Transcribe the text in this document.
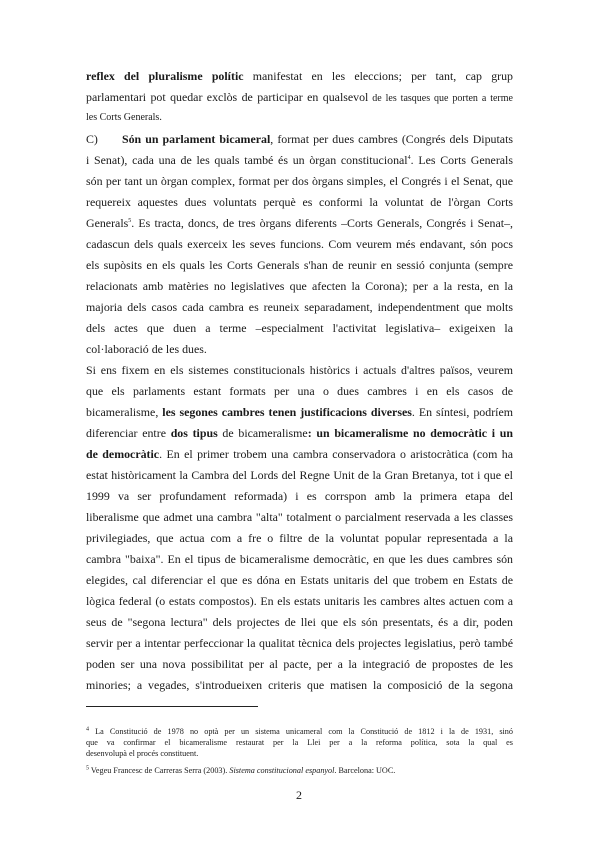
reflex del pluralisme polític manifestat en les eleccions; per tant, cap grup
parlamentari pot quedar exclòs de participar en qualsevol de les tasques que porten a terme
les Corts Generals.
C) Són un parlament bicameral, format per dues cambres (Congrés dels Diputats
i Senat), cada una de les quals també és un òrgan constitucional$^4$. Les Corts Generals
són per tant un òrgan complex, format per dos òrgans simples, el Congrés i el Senat, que
requereix aquestes dues voluntats perquè es conformi la voluntat de l'òrgan Corts
Generals$^5$. Es tracta, doncs, de tres òrgans diferents –Corts Generals, Congrés i Senat–,
cadascun dels quals exerceix les seves funcions. Com veurem més endavant, són pocs
els supòsits en els quals les Corts Generals s'han de reunir en sessió conjunta (sempre
relacionats amb matèries no legislatives que afecten la Corona); per a la resta, en la
majoria dels casos cada cambra es reuneix separadament, independentment que molts
dels actes que duen a terme –especialment l'activitat legislativa– exigeixen la
col·laboració de les dues.
Si ens fixem en els sistemes constitucionals històrics i actuals d'altres països, veurem
que els parlaments estant formats per una o dues cambres i en els casos de
bicameralisme, les segones cambres tenen justificacions diverses. En síntesi, podríem
diferenciar entre dos tipus de bicameralisme: un bicameralisme no democràtic i un
de democràtic. En el primer trobem una cambra conservadora o aristocràtica (com ha
estat històricament la Cambra del Lords del Regne Unit de la Gran Bretanya, tot i que el
1999 va ser profundament reformada) i es corrspon amb la primera etapa del
liberalisme que admet una cambra "alta" totalment o parcialment reservada a les classes
privilegiades, que actua com a fre o filtre de la voluntat popular representada a la
cambra "baixa". En el tipus de bicameralisme democràtic, en que les dues cambres són
elegides, cal diferenciar el que es dóna en Estats unitaris del que trobem en Estats de
lògica federal (o estats compostos). En els estats unitaris les cambres altes actuen com a
seus de "segona lectura" dels projectes de llei que els són presentats, és a dir, poden
servir per a intentar perfeccionar la qualitat tècnica dels projectes legislatius, però també
poden ser una nova possibilitat per al pacte, per a la integració de propostes de les
minories; a vegades, s'introdueixen criteris que matisen la composició de la segona
$^4$ La Constitució de 1978 no optà per un sistema unicameral com la Constitució de 1812 i la de 1931, sinó
que va confirmar el bicameralisme restaurat per la Llei per a la reforma política, sota la qual es
desenvolupà el procés constituent.
$^5$ Vegeu Francesc de Carreras Serra (2003). Sistema constitucional espanyol. Barcelona: UOC.
2
